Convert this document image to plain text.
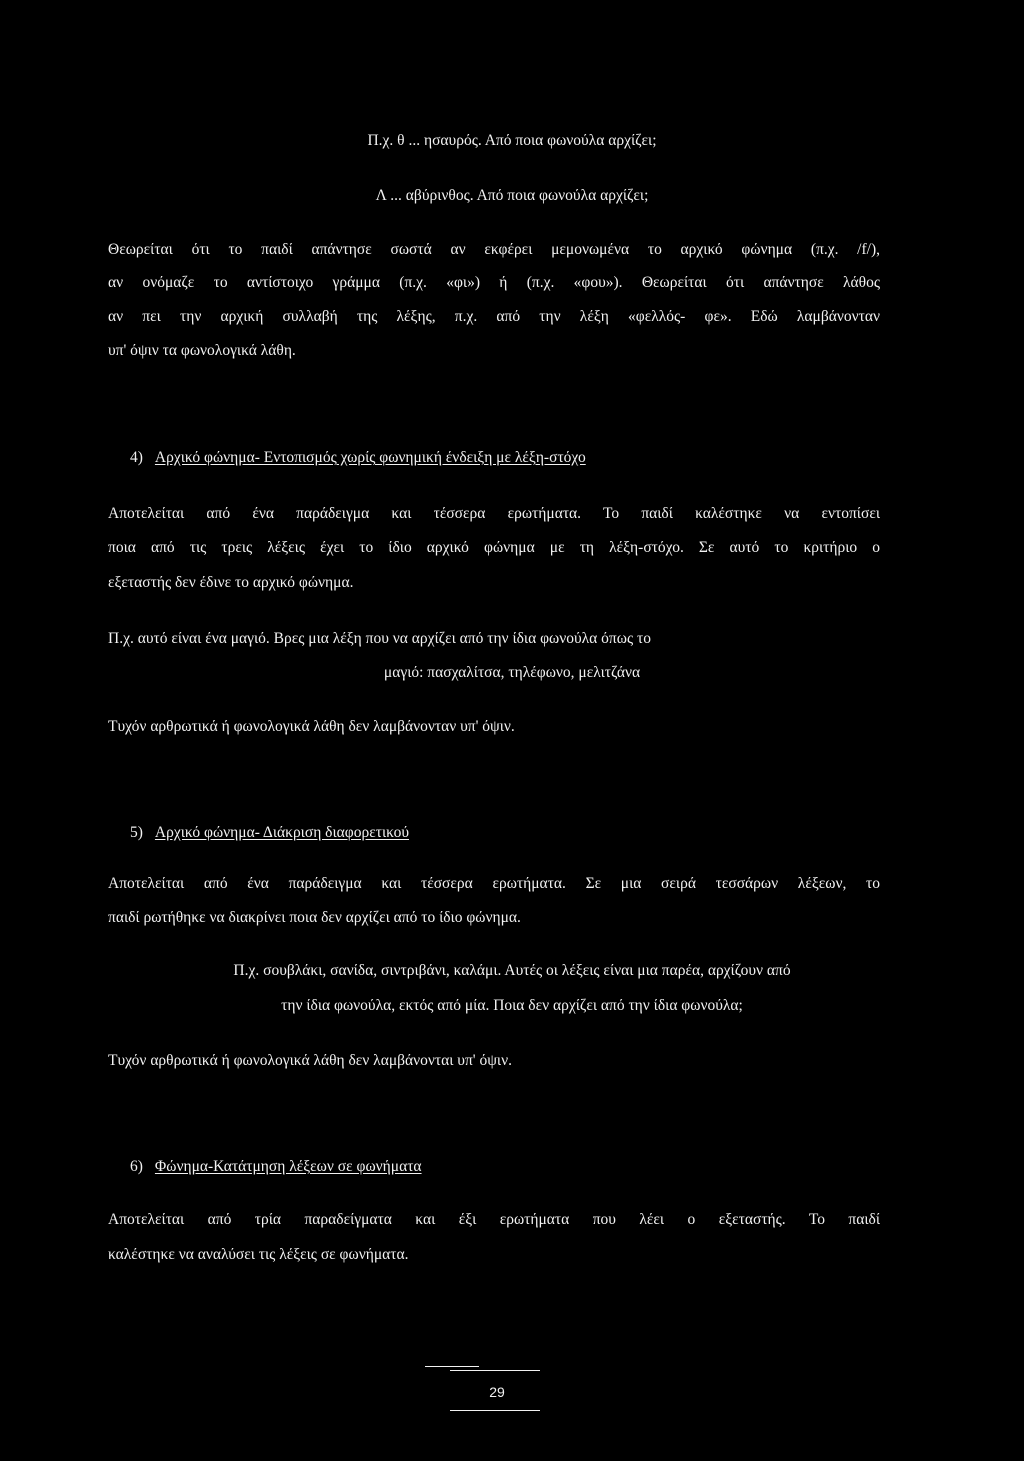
Π.χ. θ ... ησαυρός. Από ποια φωνούλα αρχίζει;
Λ ... αβύρινθος. Από ποια φωνούλα αρχίζει;
Θεωρείται ότι το παιδί απάντησε σωστά αν εκφέρει μεμονωμένα το αρχικό φώνημα (π.χ. /f/),
αν ονόμαζε το αντίστοιχο γράμμα (π.χ. «φι») ή (π.χ. «φου»). Θεωρείται ότι απάντησε λάθος
αν πει την αρχική συλλαβή της λέξης, π.χ. από την λέξη «φελλός- φε». Εδώ λαμβάνονταν
υπ' όψιν τα φωνολογικά λάθη.
4) Αρχικό φώνημα- Εντοπισμός χωρίς φωνημική ένδειξη με λέξη-στόχο
Αποτελείται από ένα παράδειγμα και τέσσερα ερωτήματα. Το παιδί καλέστηκε να εντοπίσει
ποια από τις τρεις λέξεις έχει το ίδιο αρχικό φώνημα με τη λέξη-στόχο. Σε αυτό το κριτήριο ο
εξεταστής δεν έδινε το αρχικό φώνημα.
Π.χ. αυτό είναι ένα μαγιό. Βρες μια λέξη που να αρχίζει από την ίδια φωνούλα όπως το
μαγιό: πασχαλίτσα, τηλέφωνο, μελιτζάνα
Τυχόν αρθρωτικά ή φωνολογικά λάθη δεν λαμβάνονταν υπ' όψιν.
5) Αρχικό φώνημα- Διάκριση διαφορετικού
Αποτελείται από ένα παράδειγμα και τέσσερα ερωτήματα. Σε μια σειρά τεσσάρων λέξεων, το
παιδί ρωτήθηκε να διακρίνει ποια δεν αρχίζει από το ίδιο φώνημα.
Π.χ. σουβλάκι, σανίδα, σιντριβάνι, καλάμι. Αυτές οι λέξεις είναι μια παρέα, αρχίζουν από
την ίδια φωνούλα, εκτός από μία. Ποια δεν αρχίζει από την ίδια φωνούλα;
Τυχόν αρθρωτικά ή φωνολογικά λάθη δεν λαμβάνονται υπ' όψιν.
6) Φώνημα-Κατάτμηση λέξεων σε φωνήματα
Αποτελείται από τρία παραδείγματα και έξι ερωτήματα που λέει ο εξεταστής. Το παιδί
καλέστηκε να αναλύσει τις λέξεις σε φωνήματα.
29
